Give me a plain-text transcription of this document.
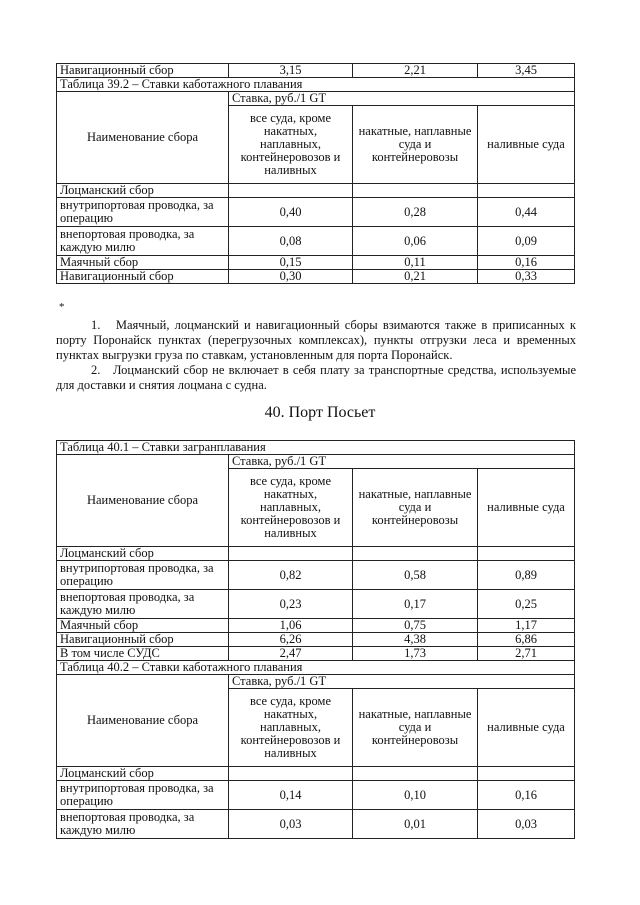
Навигационный сбор	3,15	2,21	3,45
Таблица 39.2 – Ставки каботажного плавания			
Наименование сбора	Ставка, руб./1 GT		
	все суда, кроме накатных, наплавных, контейнеровозов и наливных	накатные, наплавные суда и контейнеровозы	наливные суда
Лоцманский сбор			
внутрипортовая проводка, за операцию	0,40	0,28	0,44
внепортовая проводка, за каждую милю	0,08	0,06	0,09
Маячный сбор	0,15	0,11	0,16
Навигационный сбор	0,30	0,21	0,33
*

1.   Маячный, лоцманский и навигационный сборы взимаются также в приписанных к порту Поронайск пунктах (перегрузочных комплексах), пункты отгрузки леса и временных пунктах выгрузки груза по ставкам, установленным для порта Поронайск.

2.   Лоцманский сбор не включает в себя плату за транспортные средства, используемые для доставки и снятия лоцмана с судна.

40. Порт Посьет
Таблица 40.1 – Ставки загранплавания			
Наименование сбора	Ставка, руб./1 GT		
	все суда, кроме накатных, наплавных, контейнеровозов и наливных	накатные, наплавные суда и контейнеровозы	наливные суда
Лоцманский сбор			
внутрипортовая проводка, за операцию	0,82	0,58	0,89
внепортовая проводка, за каждую милю	0,23	0,17	0,25
Маячный сбор	1,06	0,75	1,17
Навигационный сбор	6,26	4,38	6,86
В том числе СУДС	2,47	1,73	2,71
Таблица 40.2 – Ставки каботажного плавания			
Наименование сбора	Ставка, руб./1 GT		
	все суда, кроме накатных, наплавных, контейнеровозов и наливных	накатные, наплавные суда и контейнеровозы	наливные суда
Лоцманский сбор			
внутрипортовая проводка, за операцию	0,14	0,10	0,16
внепортовая проводка, за каждую милю	0,03	0,01	0,03
